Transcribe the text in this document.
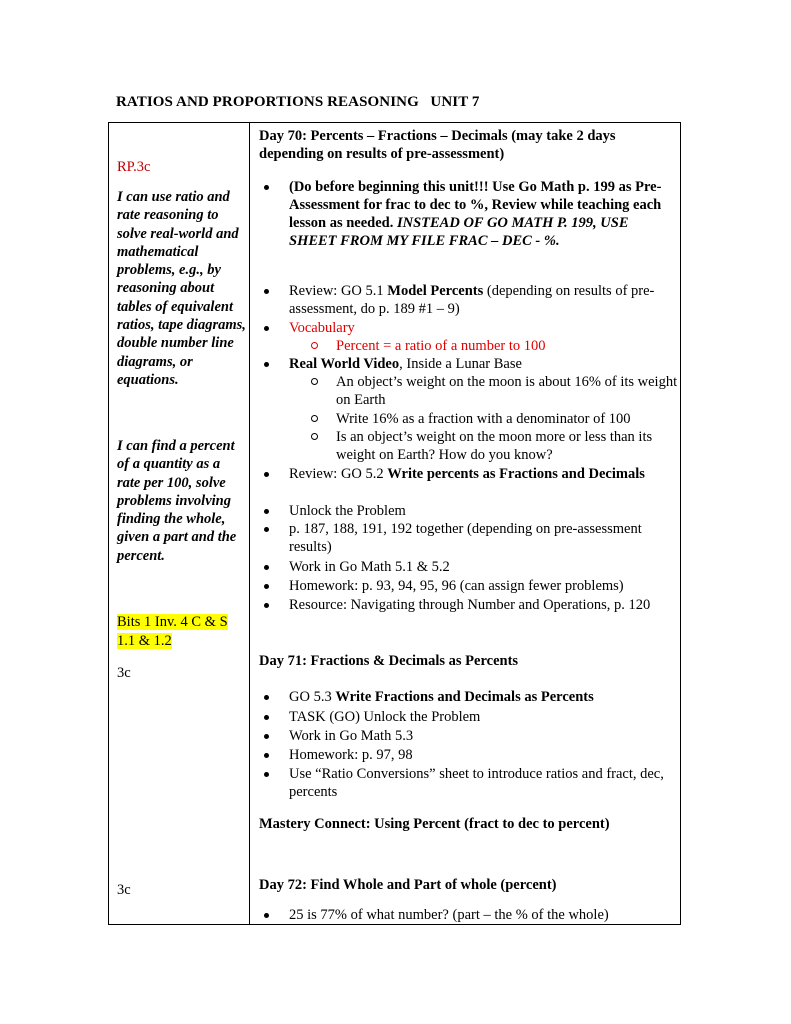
RATIOS AND PROPORTIONS REASONING   UNIT 7
RP.3c
I can use ratio and rate reasoning to solve real-world and mathematical problems, e.g., by reasoning about tables of equivalent ratios, tape diagrams, double number line diagrams, or equations.
I can find a percent of a quantity as a rate per 100, solve problems involving finding the whole, given a part and the percent.
Bits 1 Inv. 4 C & S 1.1 & 1.2
3c
3c
Day 70: Percents – Fractions – Decimals (may take 2 days depending on results of pre-assessment)
(Do before beginning this unit!!! Use Go Math p. 199 as Pre-Assessment for frac to dec to %, Review while teaching each lesson as needed. INSTEAD OF GO MATH P. 199, USE SHEET FROM MY FILE FRAC – DEC - %.
Review: GO 5.1 Model Percents (depending on results of pre-assessment, do p. 189 #1 – 9)
Vocabulary
Percent = a ratio of a number to 100
Real World Video, Inside a Lunar Base
An object’s weight on the moon is about 16% of its weight on Earth
Write 16% as a fraction with a denominator of 100
Is an object’s weight on the moon more or less than its weight on Earth? How do you know?
Review: GO 5.2 Write percents as Fractions and Decimals
Unlock the Problem
p. 187, 188, 191, 192 together (depending on pre-assessment results)
Work in Go Math 5.1 & 5.2
Homework: p. 93, 94, 95, 96 (can assign fewer problems)
Resource: Navigating through Number and Operations, p. 120
Day 71: Fractions & Decimals as Percents
GO 5.3 Write Fractions and Decimals as Percents
TASK (GO) Unlock the Problem
Work in Go Math 5.3
Homework: p. 97, 98
Use “Ratio Conversions” sheet to introduce ratios and fract, dec, percents
Mastery Connect: Using Percent (fract to dec to percent)
Day 72: Find Whole and Part of whole (percent)
25 is 77% of what number? (part – the % of the whole)
